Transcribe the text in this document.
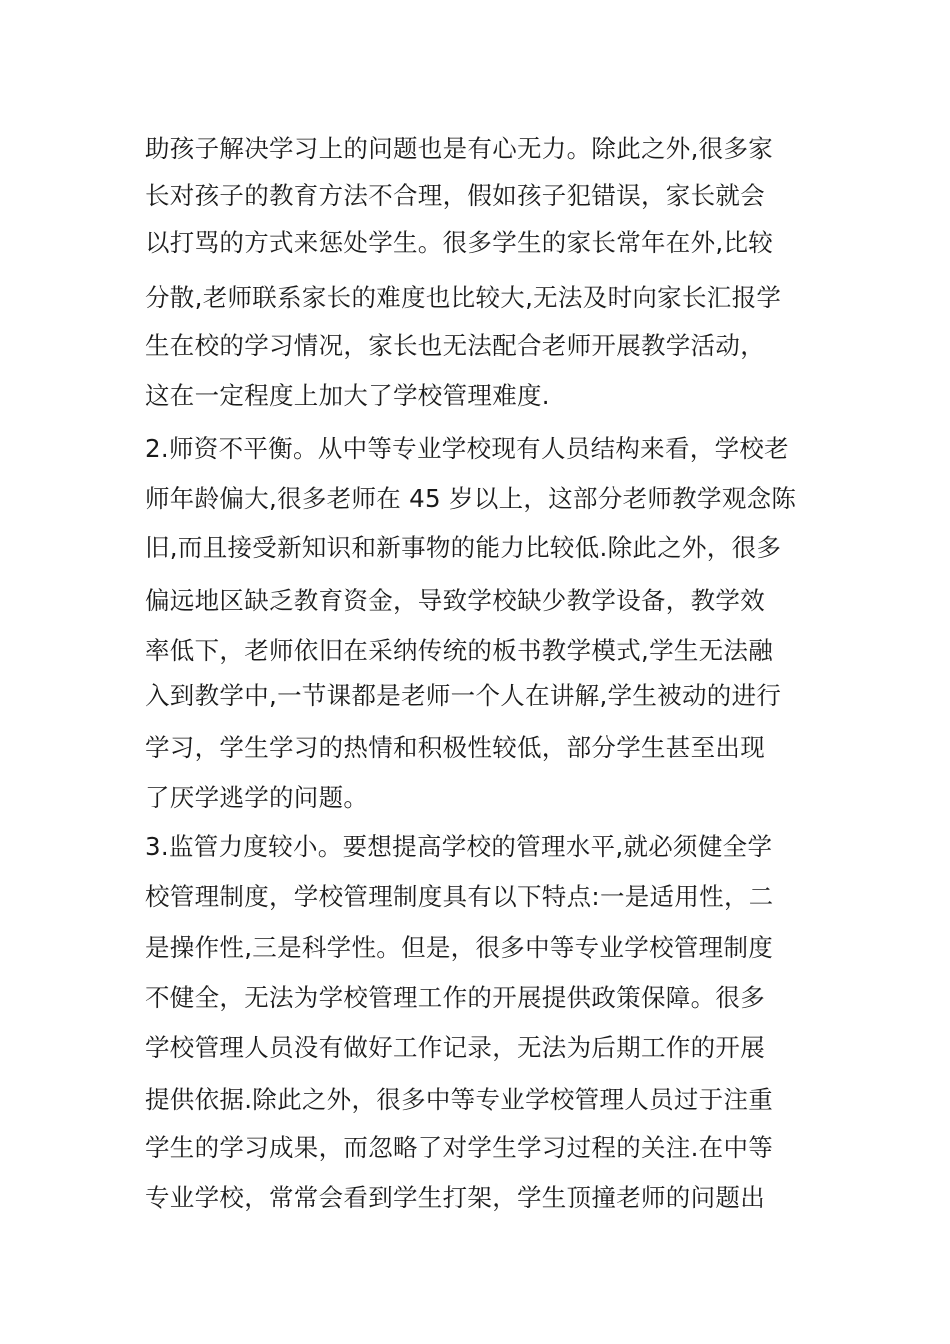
助孩子解决学习上的问题也是有心无力。除此之外,很多家
长对孩子的教育方法不合理，假如孩子犯错误，家长就会
以打骂的方式来惩处学生。很多学生的家长常年在外,比较
分散,老师联系家长的难度也比较大,无法及时向家长汇报学
生在校的学习情况，家长也无法配合老师开展教学活动，
这在一定程度上加大了学校管理难度.
2.师资不平衡。从中等专业学校现有人员结构来看，学校老
师年龄偏大,很多老师在 45 岁以上，这部分老师教学观念陈
旧,而且接受新知识和新事物的能力比较低.除此之外，很多
偏远地区缺乏教育资金，导致学校缺少教学设备，教学效
率低下，老师依旧在采纳传统的板书教学模式,学生无法融
入到教学中,一节课都是老师一个人在讲解,学生被动的进行
学习，学生学习的热情和积极性较低，部分学生甚至出现
了厌学逃学的问题。
3.监管力度较小。要想提高学校的管理水平,就必须健全学
校管理制度，学校管理制度具有以下特点:一是适用性，二
是操作性,三是科学性。但是，很多中等专业学校管理制度
不健全，无法为学校管理工作的开展提供政策保障。很多
学校管理人员没有做好工作记录，无法为后期工作的开展
提供依据.除此之外，很多中等专业学校管理人员过于注重
学生的学习成果，而忽略了对学生学习过程的关注.在中等
专业学校，常常会看到学生打架，学生顶撞老师的问题出
